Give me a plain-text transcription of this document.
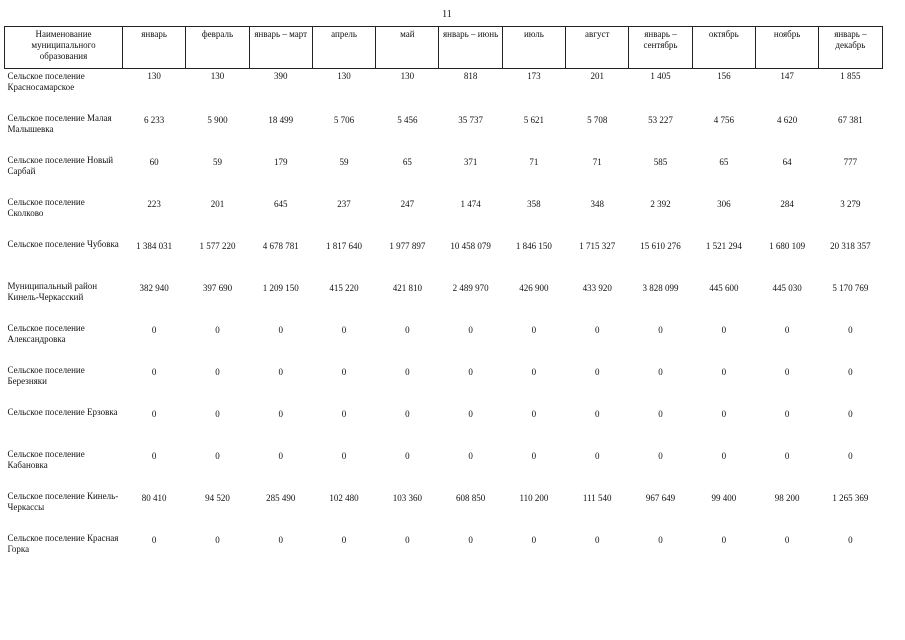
11
Наименование муниципального образования	январь	февраль	январь – март	апрель	май	январь – июнь	июль	август	январь – сентябрь	октябрь	ноябрь	январь – декабрь
Сельское поселение Красносамарское	130	130	390	130	130	818	173	201	1 405	156	147	1 855
Сельское поселение Малая Малышевка	6 233	5 900	18 499	5 706	5 456	35 737	5 621	5 708	53 227	4 756	4 620	67 381
Сельское поселение Новый Сарбай	60	59	179	59	65	371	71	71	585	65	64	777
Сельское поселение Сколково	223	201	645	237	247	1 474	358	348	2 392	306	284	3 279
Сельское поселение Чубовка	1 384 031	1 577 220	4 678 781	1 817 640	1 977 897	10 458 079	1 846 150	1 715 327	15 610 276	1 521 294	1 680 109	20 318 357
Муниципальный район Кинель-Черкасский	382 940	397 690	1 209 150	415 220	421 810	2 489 970	426 900	433 920	3 828 099	445 600	445 030	5 170 769
Сельское поселение Александровка	0	0	0	0	0	0	0	0	0	0	0	0
Сельское поселение Березняки	0	0	0	0	0	0	0	0	0	0	0	0
Сельское поселение Ерзовка	0	0	0	0	0	0	0	0	0	0	0	0
Сельское поселение Кабановка	0	0	0	0	0	0	0	0	0	0	0	0
Сельское поселение Кинель-Черкассы	80 410	94 520	285 490	102 480	103 360	608 850	110 200	111 540	967 649	99 400	98 200	1 265 369
Сельское поселение Красная Горка	0	0	0	0	0	0	0	0	0	0	0	0
